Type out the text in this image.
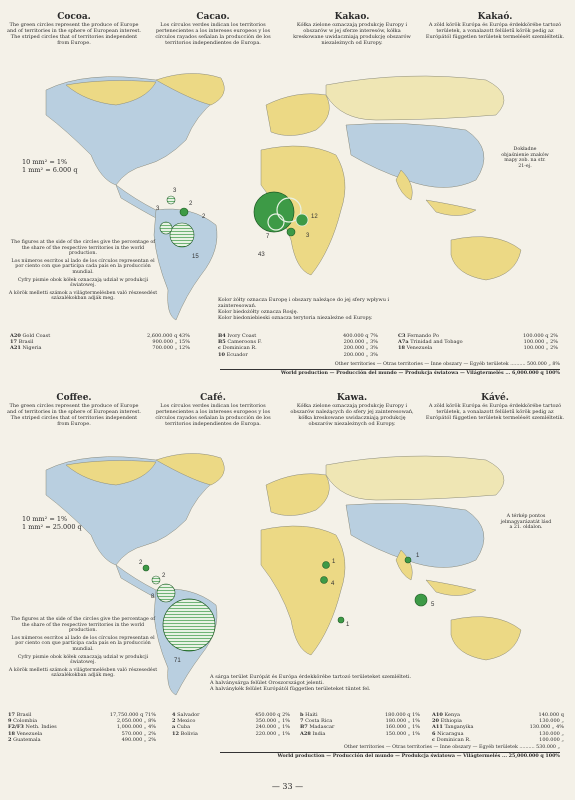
Cocoa.
The green circles represent the produce of Europe and of territories in the sphere of European interest. The striped circles that of territories independent from Europe.
Cacao.
Los círculos verdes indican los territorios pertenecientes a los intereses europeos y los círculos rayados señalan la producción de los territorios independientes de Europa.
Kakao.
Kółka zielone oznaczają produkcję Europy i obszarów w jej sferze interesów, kółka kreskowane uwidaczniają produkcję obszarów niezależnych od Europy.
Kakaó.
A zöld körök Európa és Európa érdekkörébe tartozó területek, a vonalazott felületű körök pedig az Európától független területek termelését szemléltetik.
43
12
3
7
2
3
15
2
3
10 mm² = 1%
1 mm² = 6.000 q
Dokładne objaśnienie znaków mapy zob. na str. 21-ej.
The figures at the side of the circles give the percentage of the share of the respective territories in the world production.
Los números escritos al lado de los círculos representan el por ciento con que participa cada país en la producción mundial.
Cyfry pismie obok kółek oznaczają udział w produkcji światowej.
A körök melletti számok a világtermelésben való részesedést százalékokban adják meg.	Kolor żółty oznacza Europę i obszary należące do jej sfery wpływu i zainteresowań.
Kolor biedożółty oznacza Rosję.
Kolor biedoniebieski oznacza terytoria niezależne od Europy.
A20 Gold Coast	2,600.000 q 43%
17 Brasil	900.000 „ 15%
A21 Nigeria	700.000 „ 12%
B4 Ivory Coast	400.000 q 7%
B5 Cameroons F.	200.000 „ 3%
c Dominican R.	200.000 „ 3%
10 Ecuador	200.000 „ 3%
C3 Fernando Po	100.000 q 2%
A7a Trinidad and Tobago	100.000 „ 2%
18 Venezuela	100.000 „ 2%
Other territories — Otras territories — Inne obszary — Egyéb területek .......... 500.000 „ 8%
World production — Producción del mundo — Produkcja światowa — Világtermelés ... 6,000.000 q 100%
Coffee.
The green circles represent the produce of Europe and of territories in the sphere of European interest. The striped circles that of territories independent from Europe.
Café.
Los círculos verdes indican los territorios pertenecientes a los intereses europeos y los círculos rayados señalan la producción de los territorios independientes de Europa.
Kawa.
Kółka zielone oznaczają produkcję Europy i obszarów należących do sfery jej zainteresowań, kółka kreskowane uwidaczniają produkcję obszarów niezależnych od Europy.
Kávé.
A zöld körök Európa és Európa érdekkörébe tartozó területek, a vonalazott felületű körök pedig az Európától független területek termelését szemléltetik.
71
8
5
2
2
4
1
1
1
10 mm² = 1%
1 mm² = 25.000 q
A térkép pontos jelmagyarázatát lásd a 21. oldalon.
The figures at the side of the circles give the percentage of the share of the respective territories in the world production.
Los números escritos al lado de los círculos representan el por ciento con que participa cada país en la producción mundial.
Cyfry pismie obok kółek oznaczają udział w produkcji światowej.
A körök melletti számok a világtermelésben való részesedést százalékokban adják meg.	A sárga terület Európát és Európa érdekkörébe tartozó területeket szemlélteti.
A halványsárga felület Oroszországot jelenti.
A halványkék felület Európától független területeket tüntet fel.
17 Brasil	17,750.000 q 71%
9 Colombia	2,050.000 „ 8%
F2/F3 Neth. Indies	1,000.000 „ 4%
18 Venezuela	570.000 „ 2%
2 Guatemala	490.000 „ 2%
4 Salvador	450.000 q 2%
2 Mexico	350.000 „ 1%
a Cuba	240.000 „ 1%
12 Bolivia	220.000 „ 1%
b Haiti	180.000 q 1%
7 Costa Rica	180.000 „ 1%
B7 Madascar	160.000 „ 1%
A28 India	150.000 „ 1%
A10 Kenya	140.000 q
20 Ethiopia	130.000 „
A11 Tanganyika	130.000 „ 4%
6 Nicaragua	130.000 „
c Dominican R.	100.000 „
Other territories — Otras territories — Inne obszary — Egyéb területek .......... 530.000 „
World production — Producción del mundo — Produkcja światowa — Világtermelés ... 25,000.000 q 100%
— 33 —
